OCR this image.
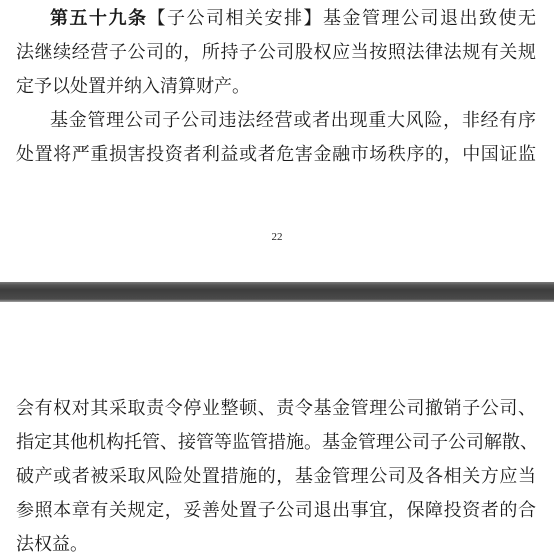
第五十九条【子公司相关安排】基金管理公司退出致使无
法继续经营子公司的，所持子公司股权应当按照法律法规有关规
定予以处置并纳入清算财产。
基金管理公司子公司违法经营或者出现重大风险，非经有序
处置将严重损害投资者利益或者危害金融市场秩序的，中国证监
22
会有权对其采取责令停业整顿、责令基金管理公司撤销子公司、
指定其他机构托管、接管等监管措施。基金管理公司子公司解散、
破产或者被采取风险处置措施的，基金管理公司及各相关方应当
参照本章有关规定，妥善处置子公司退出事宜，保障投资者的合
法权益。
